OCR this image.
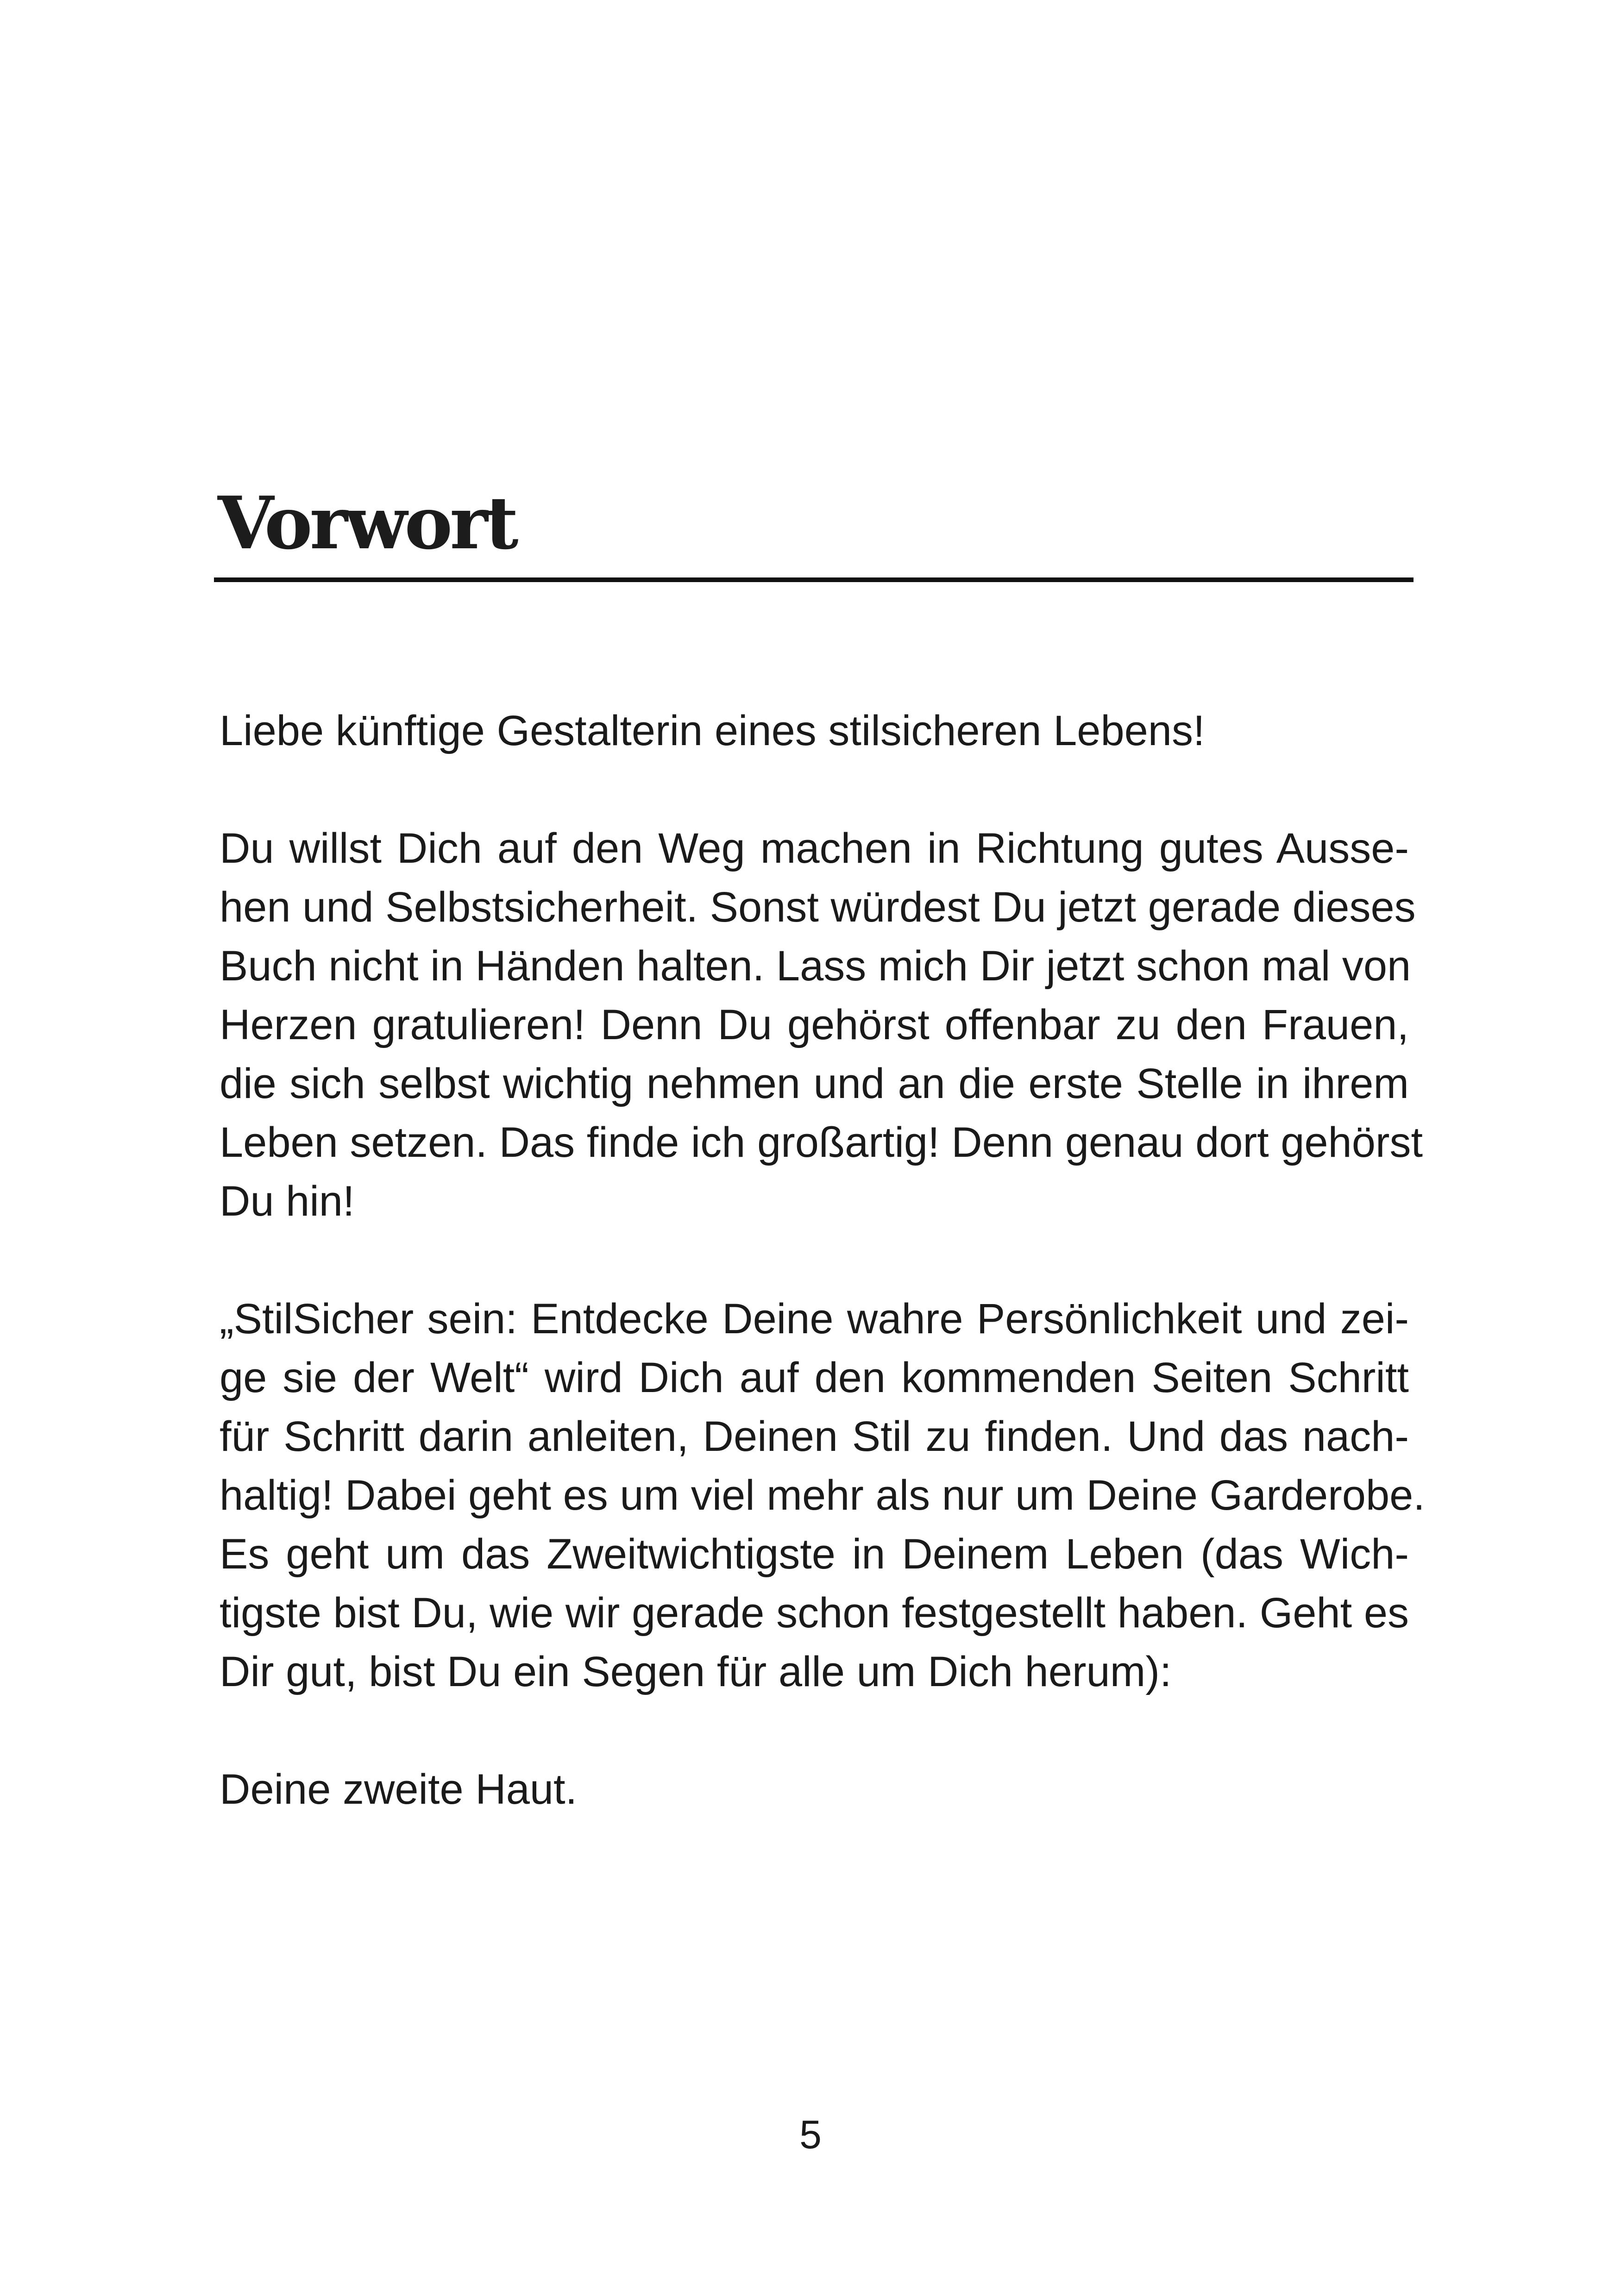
Vorwort

Liebe künftige Gestalterin eines stilsicheren Lebens!

Du willst Dich auf den Weg machen in Richtung gutes Ausse-
hen und Selbstsicherheit. Sonst würdest Du jetzt gerade dieses
Buch nicht in Händen halten. Lass mich Dir jetzt schon mal von
Herzen gratulieren! Denn Du gehörst offenbar zu den Frauen,
die sich selbst wichtig nehmen und an die erste Stelle in ihrem
Leben setzen. Das finde ich großartig! Denn genau dort gehörst
Du hin!

„StilSicher sein: Entdecke Deine wahre Persönlichkeit und zei-
ge sie der Welt“ wird Dich auf den kommenden Seiten Schritt
für Schritt darin anleiten, Deinen Stil zu finden. Und das nach-
haltig! Dabei geht es um viel mehr als nur um Deine Garderobe.
Es geht um das Zweitwichtigste in Deinem Leben (das Wich-
tigste bist Du, wie wir gerade schon festgestellt haben. Geht es
Dir gut, bist Du ein Segen für alle um Dich herum):

Deine zweite Haut.

5
